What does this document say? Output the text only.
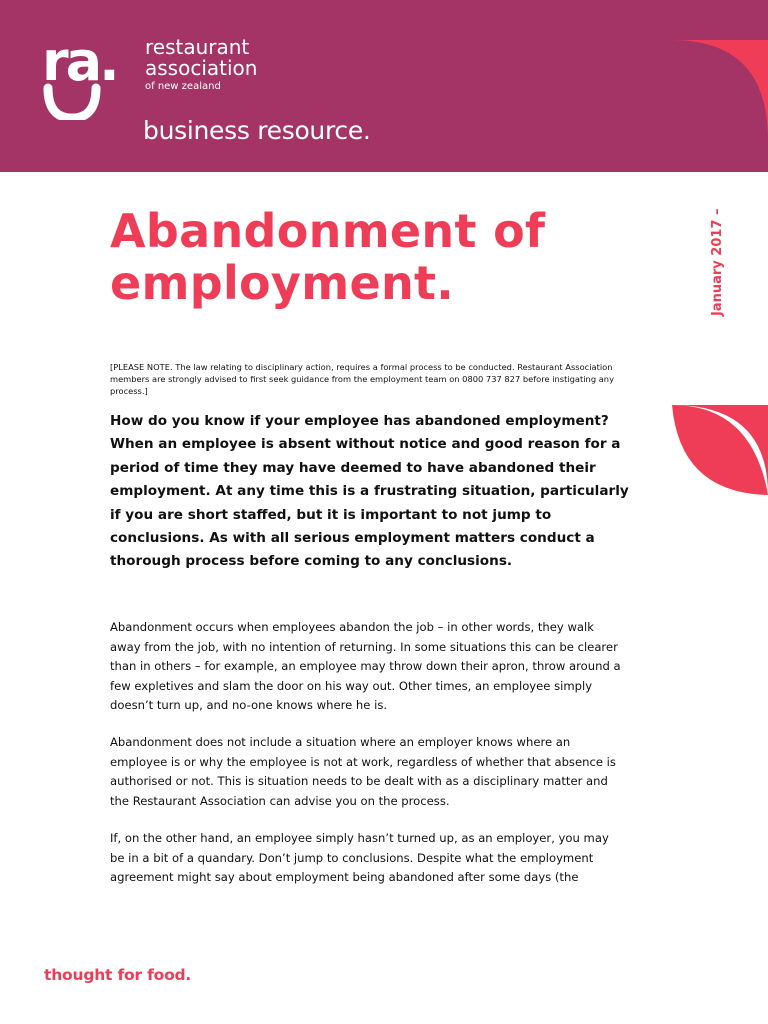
ra. restaurant
association
of new zealand
business resource.
Abandonment of
employment.	January 2017 –

[PLEASE NOTE. The law relating to disciplinary action, requires a formal process to be conducted. Restaurant Association members are strongly advised to first seek guidance from the employment team on 0800 737 827 before instigating any process.]

How do you know if your employee has abandoned employment? When an employee is absent without notice and good reason for a period of time they may have deemed to have abandoned their employment. At any time this is a frustrating situation, particularly if you are short staffed, but it is important to not jump to conclusions. As with all serious employment matters conduct a thorough process before coming to any conclusions.

Abandonment occurs when employees abandon the job – in other words, they walk away from the job, with no intention of returning. In some situations this can be clearer than in others – for example, an employee may throw down their apron, throw around a few expletives and slam the door on his way out. Other times, an employee simply doesn’t turn up, and no-one knows where he is.

Abandonment does not include a situation where an employer knows where an employee is or why the employee is not at work, regardless of whether that absence is authorised or not. This is situation needs to be dealt with as a disciplinary matter and the Restaurant Association can advise you on the process.

If, on the other hand, an employee simply hasn’t turned up, as an employer, you may be in a bit of a quandary. Don’t jump to conclusions. Despite what the employment agreement might say about employment being abandoned after some days (the

thought for food.
